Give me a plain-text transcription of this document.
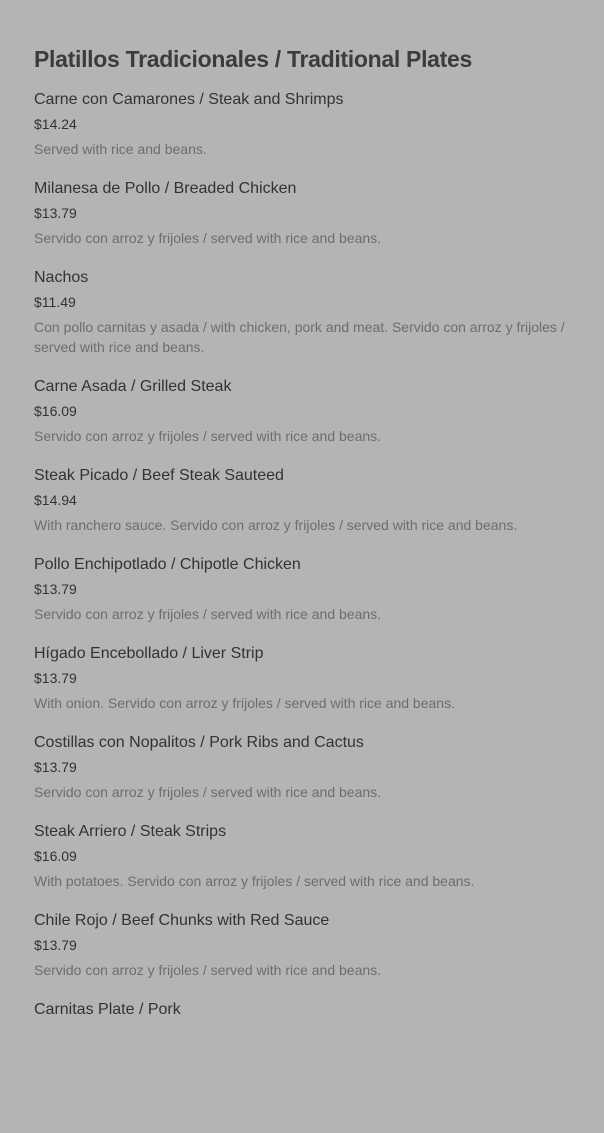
Platillos Tradicionales / Traditional Plates
Carne con Camarones / Steak and Shrimps
$14.24
Served with rice and beans.
Milanesa de Pollo / Breaded Chicken
$13.79
Servido con arroz y frijoles / served with rice and beans.
Nachos
$11.49
Con pollo carnitas y asada / with chicken, pork and meat. Servido con arroz y frijoles / served with rice and beans.
Carne Asada / Grilled Steak
$16.09
Servido con arroz y frijoles / served with rice and beans.
Steak Picado / Beef Steak Sauteed
$14.94
With ranchero sauce. Servido con arroz y frijoles / served with rice and beans.
Pollo Enchipotlado / Chipotle Chicken
$13.79
Servido con arroz y frijoles / served with rice and beans.
Hígado Encebollado / Liver Strip
$13.79
With onion. Servido con arroz y frijoles / served with rice and beans.
Costillas con Nopalitos / Pork Ribs and Cactus
$13.79
Servido con arroz y frijoles / served with rice and beans.
Steak Arriero / Steak Strips
$16.09
With potatoes. Servido con arroz y frijoles / served with rice and beans.
Chile Rojo / Beef Chunks with Red Sauce
$13.79
Servido con arroz y frijoles / served with rice and beans.
Carnitas Plate / Pork
